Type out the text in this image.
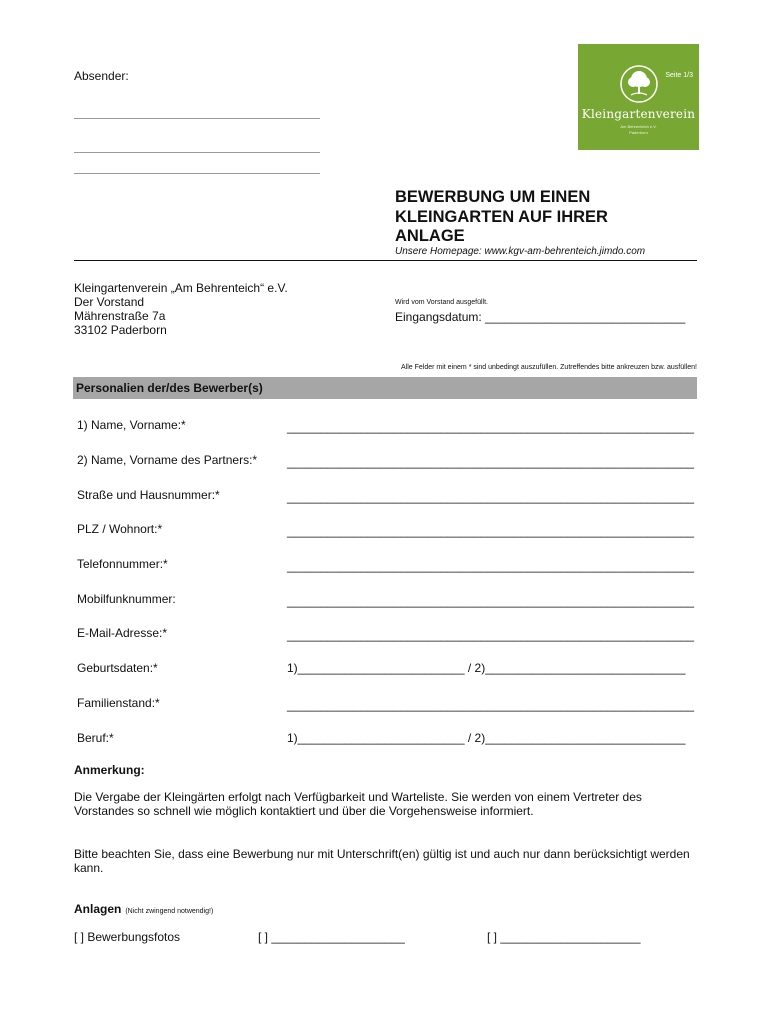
Absender:	Seite 1/3
Kleingartenverein
Am Behrenteich e.V.
Paderborn
BEWERBUNG UM EINEN
KLEINGARTEN AUF IHRER
ANLAGE
Unsere Homepage: www.kgv-am-behrenteich.jimdo.com
Kleingartenverein „Am Behrenteich“ e.V.
Der Vorstand
Mährenstraße 7a
33102 Paderborn
Wird vom Vorstand ausgefüllt.
Eingangsdatum: ______________________________
Alle Felder mit einem * sind unbedingt auszufüllen. Zutreffendes bitte ankreuzen bzw. ausfüllen!
Personalien der/des Bewerber(s)
1) Name, Vorname:*	_____________________________________________________________
2) Name, Vorname des Partners:* _____________________________________________________________
Straße und Hausnummer:*	_____________________________________________________________
PLZ / Wohnort:*	_____________________________________________________________
Telefonnummer:*	_____________________________________________________________
Mobilfunknummer:	_____________________________________________________________
E-Mail-Adresse:*	_____________________________________________________________
Geburtsdaten:*	1)_________________________ / 2)______________________________
Familienstand:*	_____________________________________________________________
Beruf:*	1)_________________________ / 2)______________________________
Anmerkung:
Die Vergabe der Kleingärten erfolgt nach Verfügbarkeit und Warteliste. Sie werden von einem Vertreter des Vorstandes so schnell wie möglich kontaktiert und über die Vorgehensweise informiert.
Bitte beachten Sie, dass eine Bewerbung nur mit Unterschrift(en) gültig ist und auch nur dann berücksichtigt werden kann.
Anlagen (Nicht zwingend notwendig!)
[ ] Bewerbungsfotos	[ ] ____________________	[ ] _____________________
